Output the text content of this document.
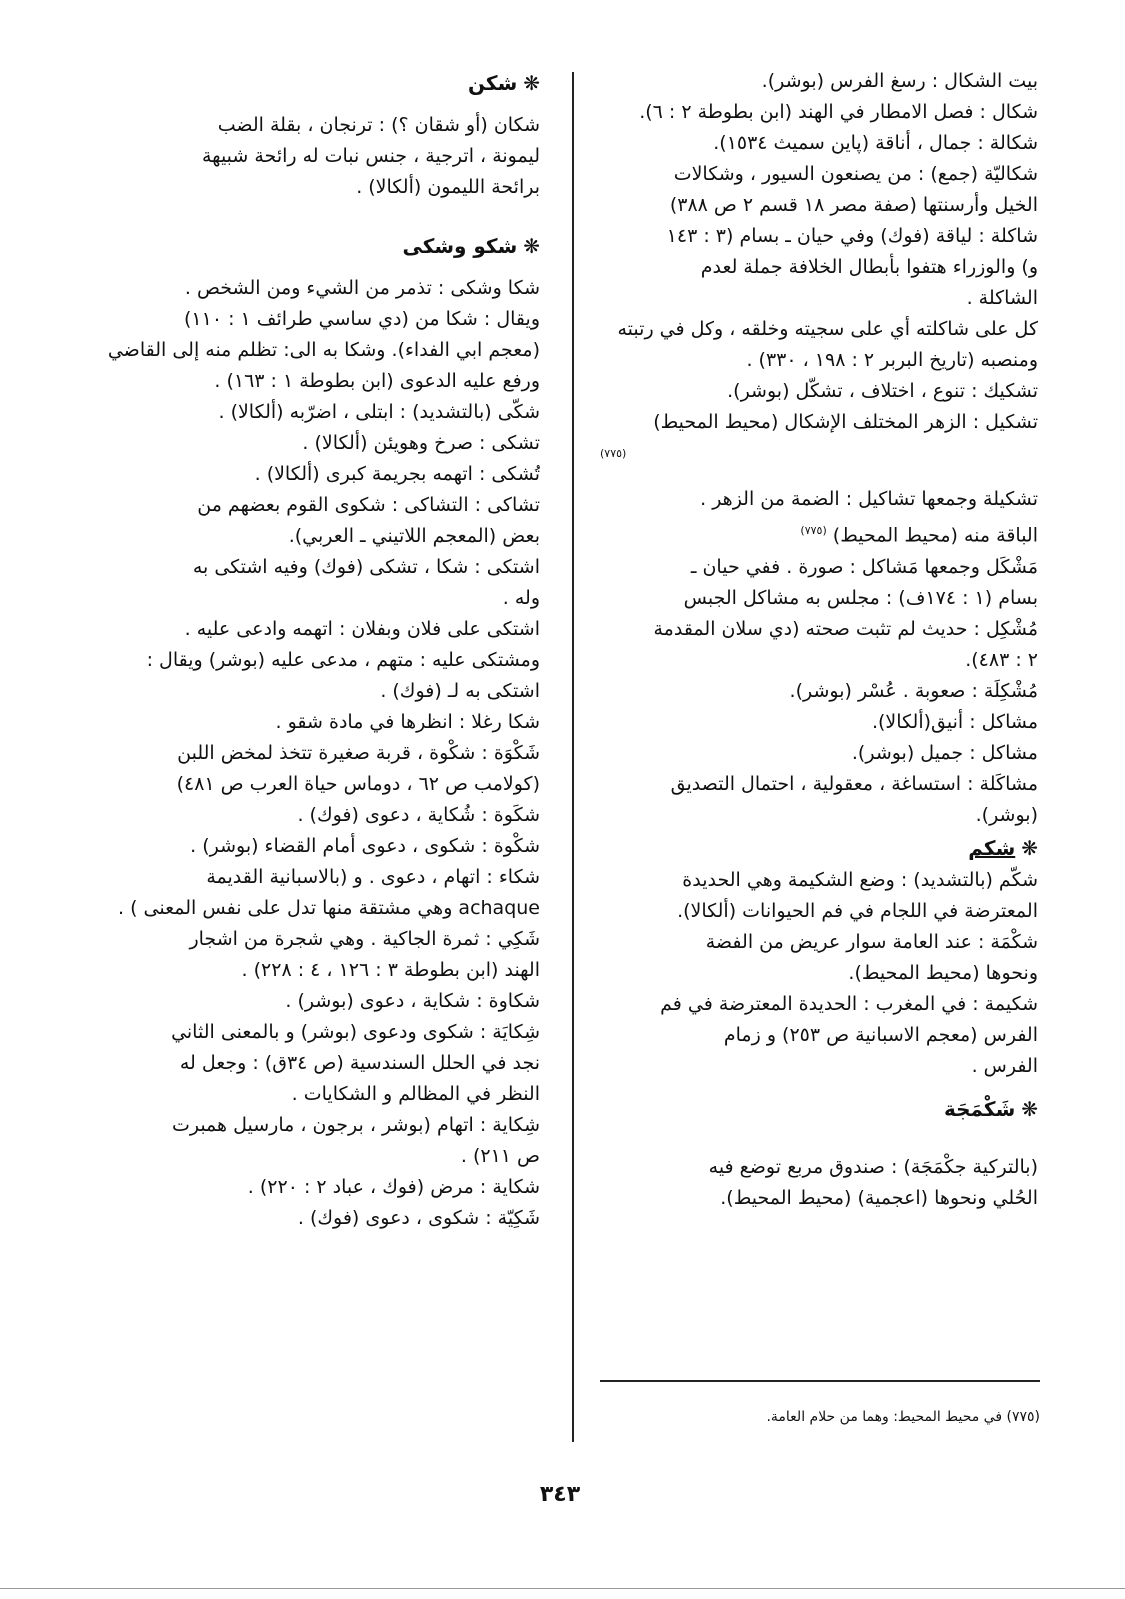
بيت الشكال : رسغ الفرس (بوشر).
شكال : فصل الامطار في الهند (ابن بطوطة ٢ : ٦).
شكالة : جمال ، أناقة (پاين سميث ١٥٣٤).
شكاليّة (جمع) : من يصنعون السيور ، وشكالات
الخيل وأرسنتها (صفة مصر ١٨ قسم ٢ ص ٣٨٨)
شاكلة : لياقة (فوك) وفي حيان ـ بسام (٣ : ١٤٣
و) والوزراء هتفوا بأبطال الخلافة جملة لعدم
الشاكلة .
كل على شاكلته أي على سجيته وخلقه ، وكل في رتبته
ومنصبه (تاريخ البربر ٢ : ١٩٨ ، ٣٣٠) .
تشكيك : تنوع ، اختلاف ، تشكّل (بوشر).
تشكيل : الزهر المختلف الإشكال (محيط المحيط)
$^{(٧٧٥)}$
تشكيلة وجمعها تشاكيل : الضمة من الزهر .
الباقة منه (محيط المحيط) $^{(٧٧٥)}$
مَشْكَل وجمعها مَشاكل : صورة . ففي حيان ـ
بسام (١ : ١٧٤ف) : مجلس به مشاكل الجبس
مُشْكِل : حديث لم تثبت صحته (دي سلان المقدمة
٢ : ٤٨٣).
مُشْكِلَة : صعوبة . عُسْر (بوشر).
مشاكل : أنيق(ألكالا).
مشاكل : جميل (بوشر).
مشاكَلة : استساغة ، معقولية ، احتمال التصديق
(بوشر).
❋شكم
شكّم (بالتشديد) : وضع الشكيمة وهي الحديدة
المعترضة في اللجام في فم الحيوانات (ألكالا).
شكْمَة : عند العامة سوار عريض من الفضة
ونحوها (محيط المحيط).
شكيمة : في المغرب : الحديدة المعترضة في فم
الفرس (معجم الاسبانية ص ٢٥٣) و زمام
الفرس .
❋شَكْمَجَة
(بالتركية جكْمَجَة) : صندوق مربع توضع فيه
الحُلي ونحوها (اعجمية) (محيط المحيط).
❋شكن
شكان (أو شقان ؟) : ترنجان ، بقلة الضب
ليمونة ، اترجية ، جنس نبات له رائحة شبيهة
برائحة الليمون (ألكالا) .
❋شكو وشكى
شكا وشكى : تذمر من الشيء ومن الشخص .
ويقال : شكا من (دي ساسي طرائف ١ : ١١٠)
(معجم ابي الفداء). وشكا به الى: تظلم منه إلى القاضي
ورفع عليه الدعوى (ابن بطوطة ١ : ١٦٣) .
شكّى (بالتشديد) : ابتلى ، اضرّبه (ألكالا) .
تشكى : صرخ وهويئن (ألكالا) .
تُشكى : اتهمه بجريمة كبرى (ألكالا) .
تشاكى : التشاكى : شكوى القوم بعضهم من
بعض (المعجم اللاتيني ـ العربي).
اشتكى : شكا ، تشكى (فوك) وفيه اشتكى به
وله .
اشتكى على فلان وبفلان : اتهمه وادعى عليه .
ومشتكى عليه : متهم ، مدعى عليه (بوشر) ويقال :
اشتكى به لـ (فوك) .
شكا رغلا : انظرها في مادة شقو .
شَكْوَة : شكْوة ، قربة صغيرة تتخذ لمخض اللبن
(كولامب ص ٦٢ ، دوماس حياة العرب ص ٤٨١)
شكَوة : شُكاية ، دعوى (فوك) .
شكْوة : شكوى ، دعوى أمام القضاء (بوشر) .
شكاء : اتهام ، دعوى . و (بالاسبانية القديمة
achaque وهي مشتقة منها تدل على نفس المعنى ) .
شَكِي : ثمرة الجاكية . وهي شجرة من اشجار
الهند (ابن بطوطة ٣ : ١٢٦ ، ٤ : ٢٢٨) .
شكاوة : شكاية ، دعوى (بوشر) .
شِكايَة : شكوى ودعوى (بوشر) و بالمعنى الثاني
نجد في الحلل السندسية (ص ٣٤ق) : وجعل له
النظر في المظالم و الشكايات .
شِكاية : اتهام (بوشر ، برجون ، مارسيل همبرت
ص ٢١١) .
شكاية : مرض (فوك ، عباد ٢ : ٢٢٠) .
شَكِيّة : شكوى ، دعوى (فوك) .
(٧٧٥) في محيط المحيط: وهما من حلام العامة.
٣٤٣
